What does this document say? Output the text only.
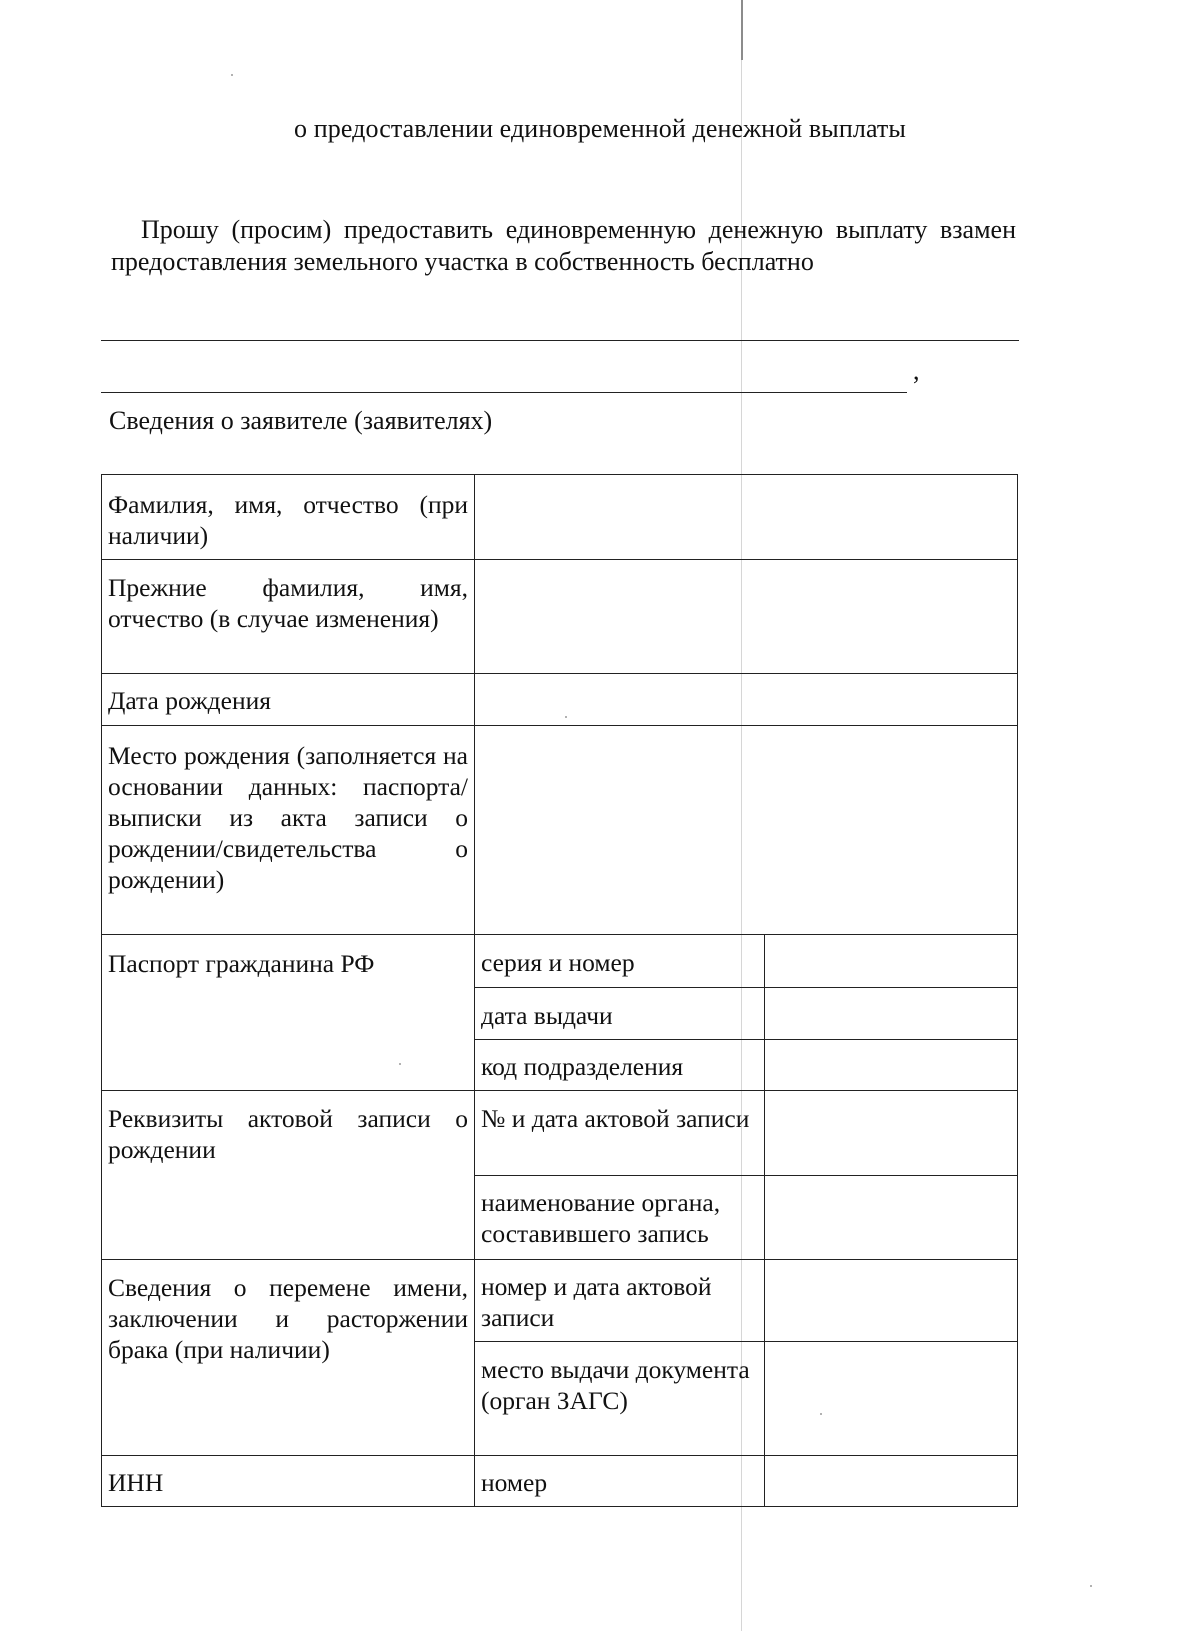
о предоставлении единовременной денежной выплаты
Прошу (просим) предоставить единовременную денежную выплату взамен предоставления земельного участка в собственность бесплатно
,
Сведения о заявителе (заявителях)
Фамилия, имя, отчество (при наличии)		
Прежние фамилия, имя, отчество (в случае изменения)		
Дата рождения		
Место рождения (заполняется на основании данных: паспорта/выписки из акта записи о рождении/свидетельства о рождении)		
Паспорт гражданина РФ	серия и номер	
	дата выдачи	
	код подразделения	
Реквизиты актовой записи о рождении	№ и дата актовой записи	
	наименование органа, составившего запись	
Сведения о перемене имени, заключении и расторжении брака (при наличии)	номер и дата актовой записи	
	место выдачи документа (орган ЗАГС)	
ИНН	номер	
